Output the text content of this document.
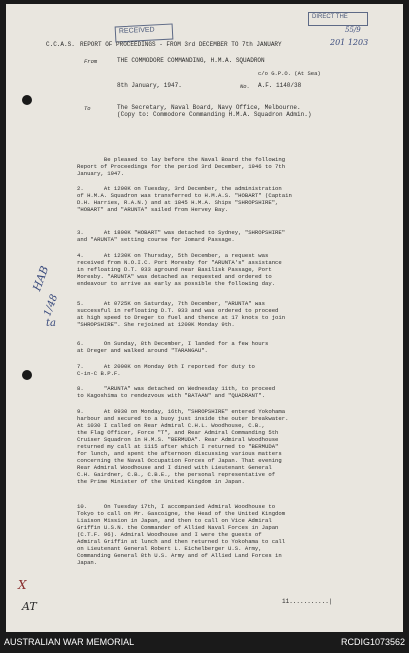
RECEIVED
DIRECT THE
55/9
201 1203
C.C.A.S. REPORT OF PROCEEDINGS - FROM 3rd DECEMBER TO 7th JANUARY
From	THE COMMODORE COMMANDING, H.M.A. SQUADRON
c/o G.P.O. (At Sea)
8th January, 1947.	No. A.F. 1140/38
To	The Secretary, Naval Board, Navy Office, Melbourne.
(Copy to: Commodore Commanding H.M.A. Squadron Admin.)
Be pleased to lay before the Naval Board the following
Report of Proceedings for the period 3rd December, 1946 to 7th
January, 1947.
2.      At 1200K on Tuesday, 3rd December, the administration
of H.M.A. Squadron was transferred to H.M.A.S. "HOBART" (Captain
D.H. Harries, R.A.N.) and at 1845 H.M.A. Ships "SHROPSHIRE",
"HOBART" and "ARUNTA" sailed from Hervey Bay.
3.      At 1800K "HOBART" was detached to Sydney, "SHROPSHIRE"
and "ARUNTA" setting course for Jomard Passage.
4.      At 1230K on Thursday, 5th December, a request was
received from N.O.I.C. Port Moresby for "ARUNTA's" assistance
in refloating D.T. 933 aground near Basilisk Passage, Port
Moresby. "ARUNTA" was detached as requested and ordered to
endeavour to arrive as early as possible the following day.
5.      At 0725K on Saturday, 7th December, "ARUNTA" was
successful in refloating D.T. 933 and was ordered to proceed
at high speed to Dreger to fuel and thence at 17 knots to join
"SHROPSHIRE". She rejoined at 1200K Monday 9th.
6.      On Sunday, 8th December, I landed for a few hours
at Dreger and walked around "TARANGAU".
7.      At 2000K on Monday 9th I reported for duty to
C-in-C B.P.F.
8.      "ARUNTA" was detached on Wednesday 11th, to proceed
to Kagoshima to rendezvous with "BATAAN" and "QUADRANT".
9.      At 0930 on Monday, 16th, "SHROPSHIRE" entered Yokohama
harbour and secured to a buoy just inside the outer breakwater.
At 1030 I called on Rear Admiral C.H.L. Woodhouse, C.B.,
the Flag Officer, Force "T", and Rear Admiral Commanding 5th
Cruiser Squadron in H.M.S. "BERMUDA". Rear Admiral Woodhouse
returned my call at 1115 after which I returned to "BERMUDA"
for lunch, and spent the afternoon discussing various matters
concerning the Naval Occupation Forces of Japan. That evening
Rear Admiral Woodhouse and I dined with Lieutenant General
C.H. Gairdner, C.B., C.B.E., the personal representative of
the Prime Minister of the United Kingdom in Japan.
10.     On Tuesday 17th, I accompanied Admiral Woodhouse to
Tokyo to call on Mr. Gascoigne, the Head of the United Kingdom
Liaison Mission in Japan, and then to call on Vice Admiral
Griffin U.S.N. the Commander of Allied Naval Forces in Japan
(C.T.F. 96). Admiral Woodhouse and I were the guests of
Admiral Griffin at lunch and then returned to Yokohama to call
on Lieutenant General Robert L. Eichelberger U.S. Army,
Commanding General 8th U.S. Army and of Allied Land Forces in
Japan.
11...........|
HAB
1/48
ta
X
AT
AUSTRALIAN WAR MEMORIAL	RCDIG1073562
